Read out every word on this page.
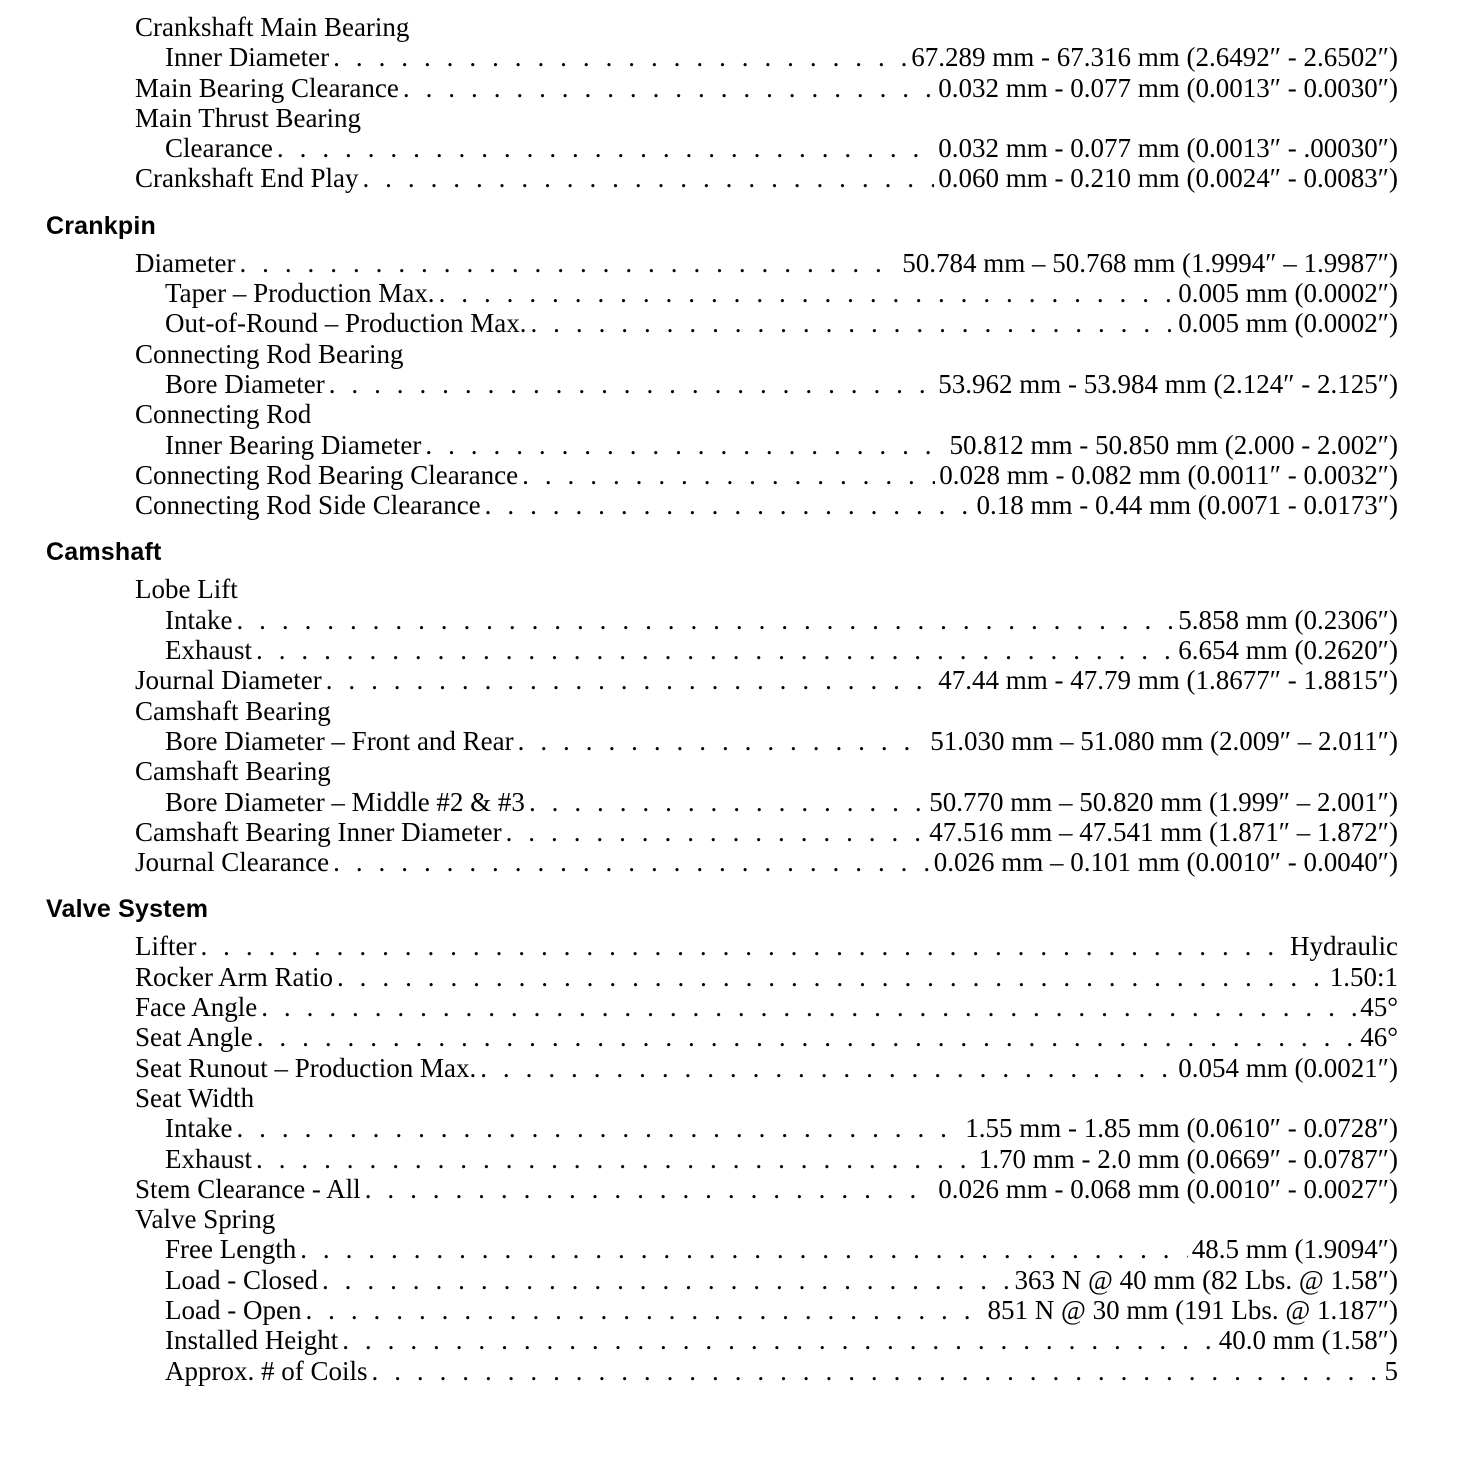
Crankshaft Main Bearing
Inner Diameter . . .	67.289 mm - 67.316 mm (2.6492″ - 2.6502″)
Main Bearing Clearance . . .	0.032 mm - 0.077 mm (0.0013″ - 0.0030″)
Main Thrust Bearing
Clearance . . .	0.032 mm - 0.077 mm (0.0013″ - .00030″)
Crankshaft End Play . . .	0.060 mm - 0.210 mm (0.0024″ - 0.0083″)
Crankpin
Diameter . . .	50.784 mm – 50.768 mm (1.9994″ – 1.9987″)
Taper – Production Max. . . .	0.005 mm (0.0002″)
Out-of-Round – Production Max. . . .	0.005 mm (0.0002″)
Connecting Rod Bearing
Bore Diameter . . .	53.962 mm - 53.984 mm (2.124″ - 2.125″)
Connecting Rod
Inner Bearing Diameter . . .	50.812 mm - 50.850 mm (2.000 - 2.002″)
Connecting Rod Bearing Clearance . . .	0.028 mm - 0.082 mm (0.0011″ - 0.0032″)
Connecting Rod Side Clearance . . .	0.18 mm - 0.44 mm (0.0071 - 0.0173″)
Camshaft
Lobe Lift
Intake . . .	5.858 mm (0.2306″)
Exhaust . . .	6.654 mm (0.2620″)
Journal Diameter . . .	47.44 mm - 47.79 mm (1.8677″ - 1.8815″)
Camshaft Bearing
Bore Diameter – Front and Rear . . .	51.030 mm – 51.080 mm (2.009″ – 2.011″)
Camshaft Bearing
Bore Diameter – Middle #2 & #3 . . .	50.770 mm – 50.820 mm (1.999″ – 2.001″)
Camshaft Bearing Inner Diameter . . .	47.516 mm – 47.541 mm (1.871″ – 1.872″)
Journal Clearance . . .	0.026 mm – 0.101 mm (0.0010″ - 0.0040″)
Valve System
Lifter . . .	Hydraulic
Rocker Arm Ratio . . .	1.50:1
Face Angle . . .	45°
Seat Angle . . .	46°
Seat Runout – Production Max. . . .	0.054 mm (0.0021″)
Seat Width
Intake . . .	1.55 mm - 1.85 mm (0.0610″ - 0.0728″)
Exhaust . . .	1.70 mm - 2.0 mm (0.0669″ - 0.0787″)
Stem Clearance - All . . .	0.026 mm - 0.068 mm (0.0010″ - 0.0027″)
Valve Spring
Free Length . . .	48.5 mm (1.9094″)
Load - Closed . . .	363 N @ 40 mm (82 Lbs. @ 1.58″)
Load - Open . . .	851 N @ 30 mm (191 Lbs. @ 1.187″)
Installed Height . . .	40.0 mm (1.58″)
Approx. # of Coils . . .	5
